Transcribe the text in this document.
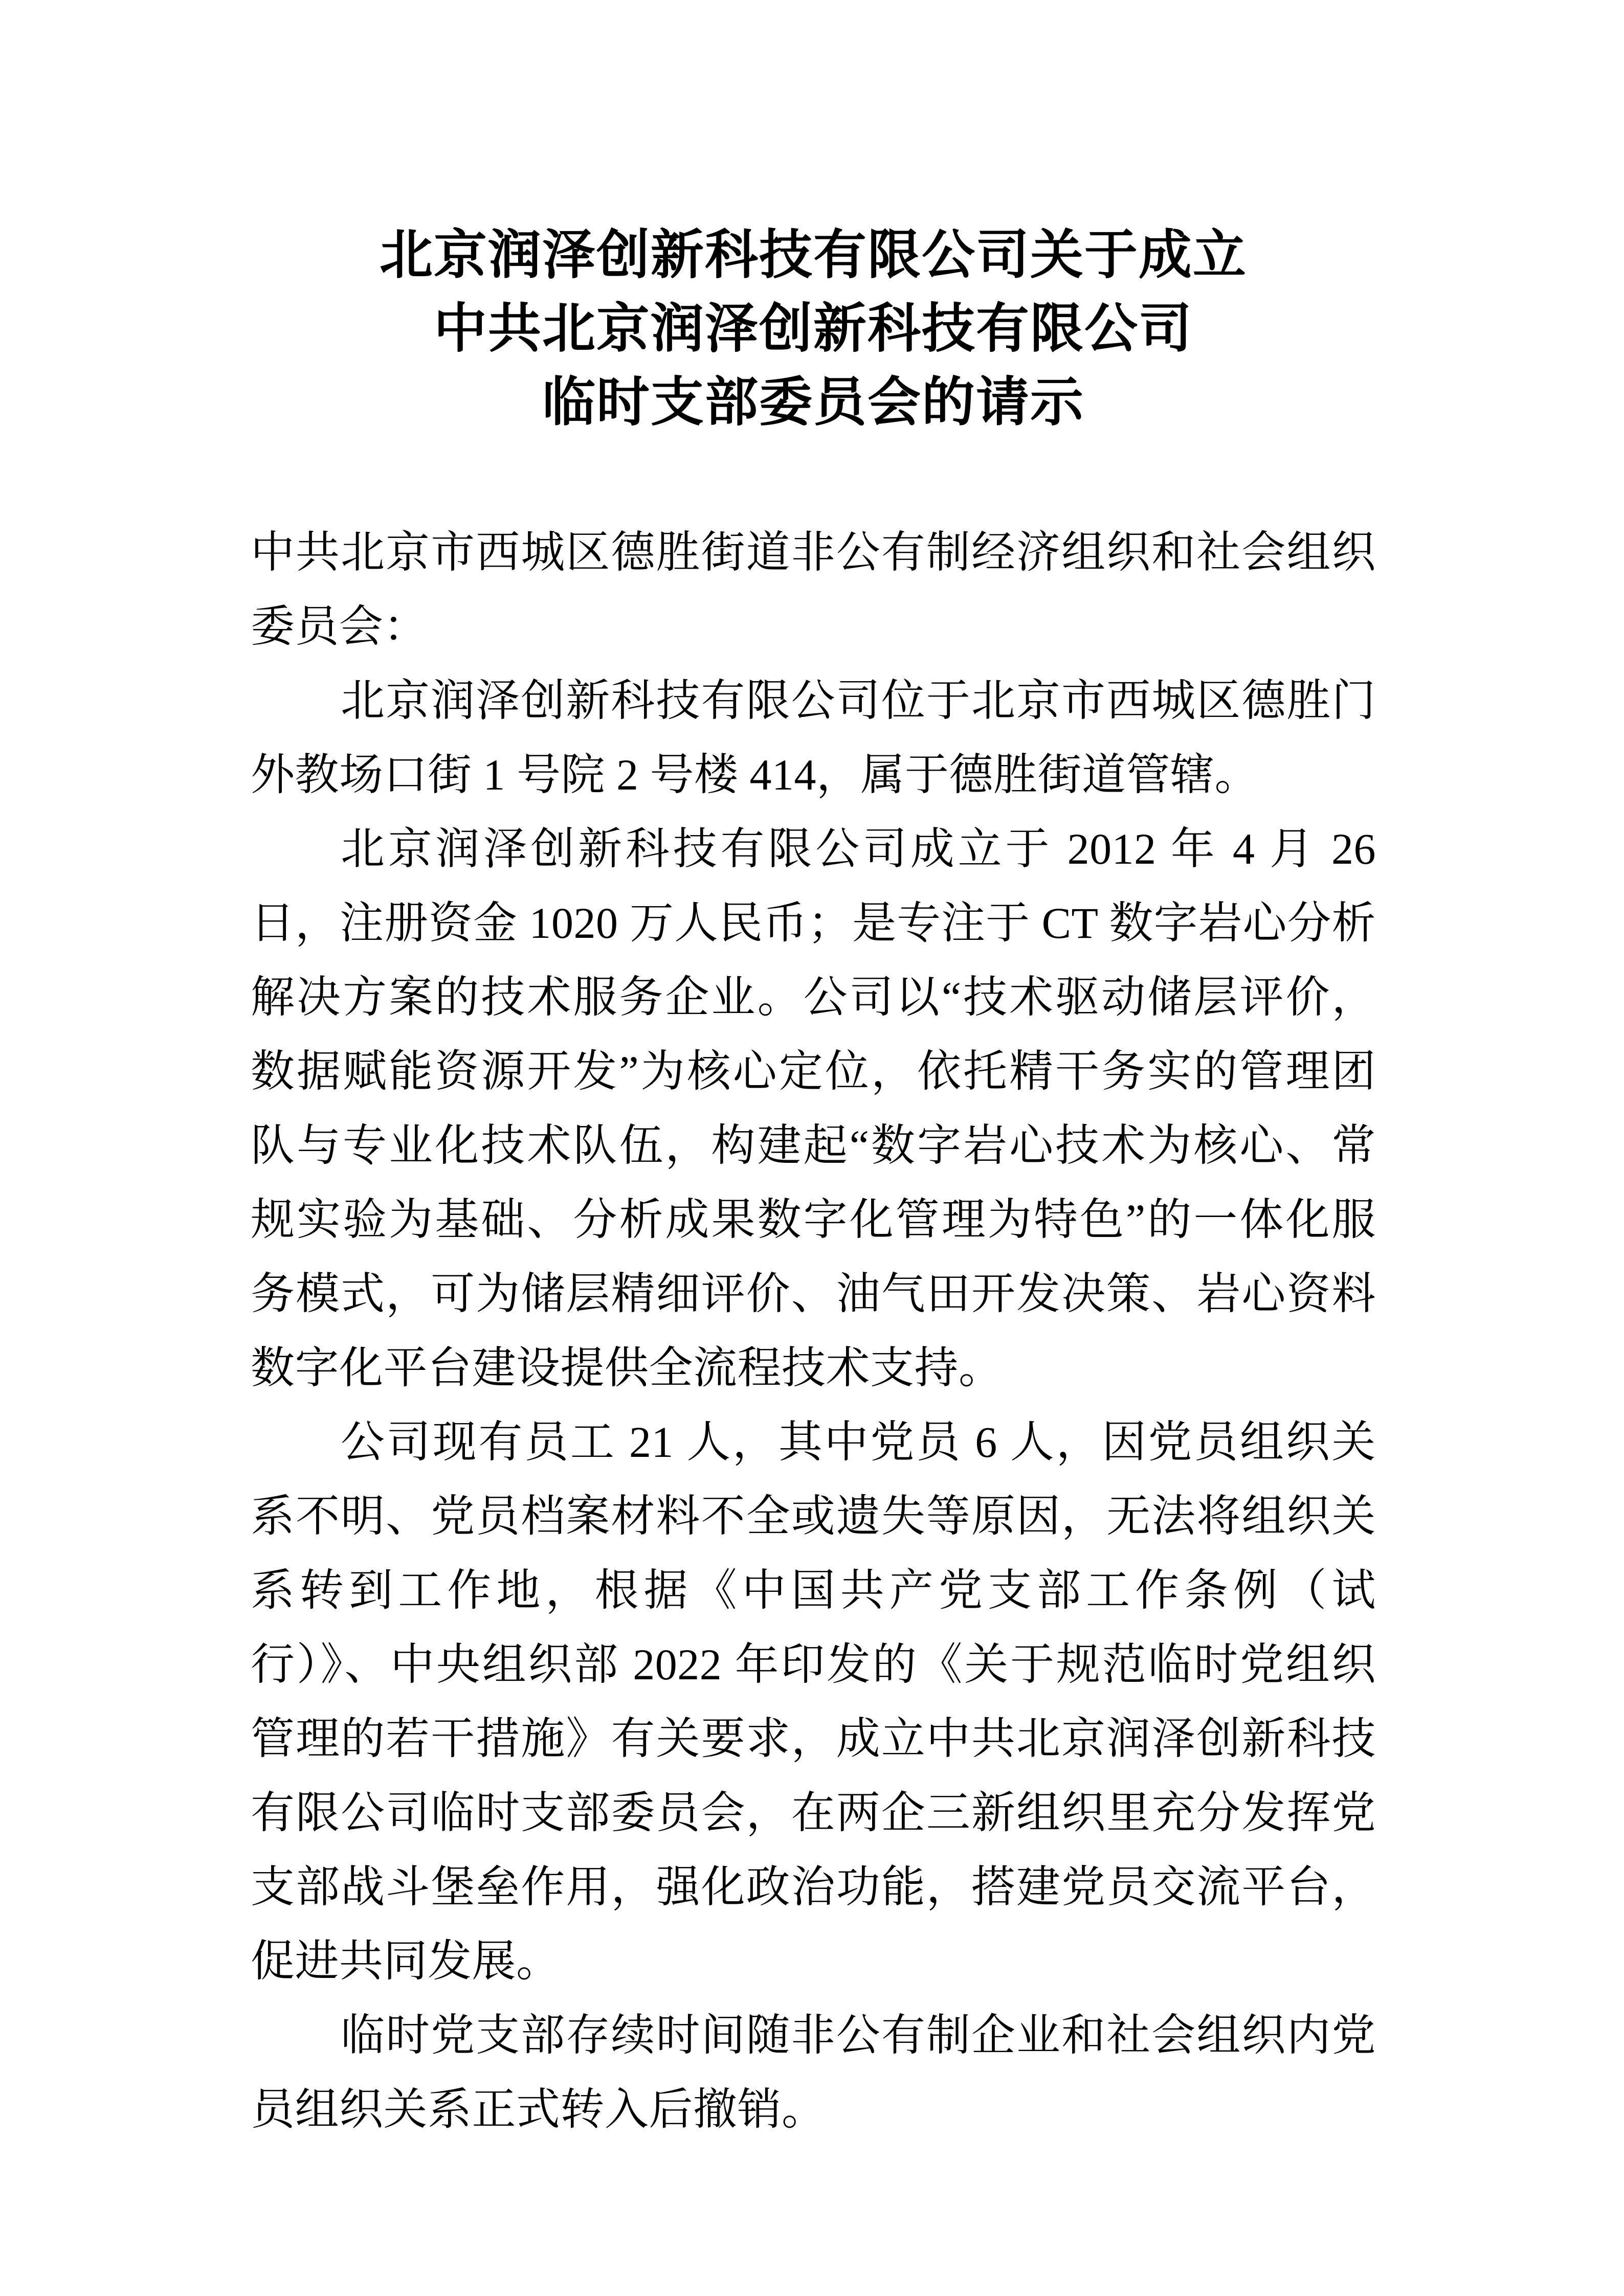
北京润泽创新科技有限公司关于成立
中共北京润泽创新科技有限公司
临时支部委员会的请示

中共北京市西城区德胜街道非公有制经济组织和社会组织委员会：

北京润泽创新科技有限公司位于北京市西城区德胜门外教场口街 1 号院 2 号楼 414，属于德胜街道管辖。

北京润泽创新科技有限公司成立于 2012 年 4 月 26 日，注册资金 1020 万人民币；是专注于 CT 数字岩心分析解决方案的技术服务企业。公司以“技术驱动储层评价，数据赋能资源开发”为核心定位，依托精干务实的管理团队与专业化技术队伍，构建起“数字岩心技术为核心、常规实验为基础、分析成果数字化管理为特色”的一体化服务模式，可为储层精细评价、油气田开发决策、岩心资料数字化平台建设提供全流程技术支持。

公司现有员工 21 人，其中党员 6 人，因党员组织关系不明、党员档案材料不全或遗失等原因，无法将组织关系转到工作地，根据《中国共产党支部工作条例（试行）》、中央组织部 2022 年印发的《关于规范临时党组织管理的若干措施》有关要求，成立中共北京润泽创新科技有限公司临时支部委员会，在两企三新组织里充分发挥党支部战斗堡垒作用，强化政治功能，搭建党员交流平台，促进共同发展。

临时党支部存续时间随非公有制企业和社会组织内党员组织关系正式转入后撤销。
